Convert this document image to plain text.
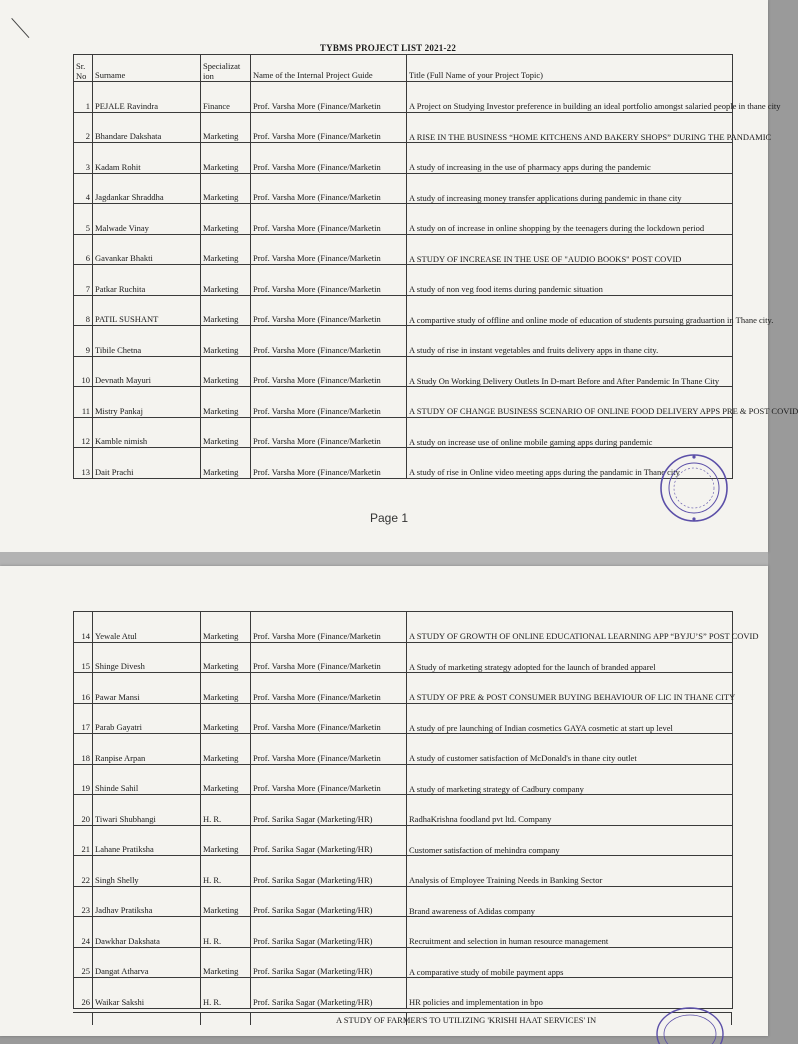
TYBMS PROJECT LIST 2021-22
Sr. No	Surname	Specializat ion	Name of the Internal Project Guide	Title (Full Name of your Project Topic)
1	PEJALE Ravindra	Finance	Prof. Varsha More (Finance/Marketin	A Project on Studying Investor preference in building an ideal portfolio amongst salaried people in thane city
2	Bhandare Dakshata	Marketing	Prof. Varsha More (Finance/Marketin	A RISE IN THE BUSINESS “HOME KITCHENS AND BAKERY SHOPS” DURING THE PANDAMIC
3	Kadam Rohit	Marketing	Prof. Varsha More (Finance/Marketin	A study of increasing in the use of pharmacy apps during the pandemic
4	Jagdankar Shraddha	Marketing	Prof. Varsha More (Finance/Marketin	A study of increasing money transfer applications during pandemic in thane city
5	Malwade Vinay	Marketing	Prof. Varsha More (Finance/Marketin	A study on of increase in online shopping by the teenagers during the lockdown period
6	Gavankar Bhakti	Marketing	Prof. Varsha More (Finance/Marketin	A STUDY OF INCREASE IN THE USE OF "AUDIO BOOKS" POST COVID
7	Patkar Ruchita	Marketing	Prof. Varsha More (Finance/Marketin	A study of non veg food items during pandemic situation
8	PATIL SUSHANT	Marketing	Prof. Varsha More (Finance/Marketin	A compartive study of offline and online mode of education of students pursuing graduartion in Thane city.
9	Tibile Chetna	Marketing	Prof. Varsha More (Finance/Marketin	A study of rise in instant vegetables and fruits delivery apps in thane city.
10	Devnath Mayuri	Marketing	Prof. Varsha More (Finance/Marketin	A Study On Working Delivery Outlets In D-mart Before and After Pandemic In Thane City
11	Mistry Pankaj	Marketing	Prof. Varsha More (Finance/Marketin	A STUDY OF CHANGE BUSINESS SCENARIO OF ONLINE FOOD DELIVERY APPS PRE & POST COVID
12	Kamble nimish	Marketing	Prof. Varsha More (Finance/Marketin	A study on increase use of online mobile gaming apps during pandemic
13	Dait Prachi	Marketing	Prof. Varsha More (Finance/Marketin	A study of rise in Online video meeting apps during the pandamic in Thane city
Page 1
14	Yewale Atul	Marketing	Prof. Varsha More (Finance/Marketin	A STUDY OF GROWTH OF ONLINE EDUCATIONAL LEARNING APP “BYJU’S” POST COVID
15	Shinge Divesh	Marketing	Prof. Varsha More (Finance/Marketin	A Study of marketing strategy adopted for the launch of branded apparel
16	Pawar Mansi	Marketing	Prof. Varsha More (Finance/Marketin	A STUDY OF PRE & POST CONSUMER BUYING BEHAVIOUR OF LIC IN THANE CITY
17	Parab Gayatri	Marketing	Prof. Varsha More (Finance/Marketin	A study of pre launching of Indian cosmetics GAYA cosmetic at start up level
18	Ranpise Arpan	Marketing	Prof. Varsha More (Finance/Marketin	A study of customer satisfaction of McDonald's in thane city outlet
19	Shinde Sahil	Marketing	Prof. Varsha More (Finance/Marketin	A study of marketing strategy of Cadbury company
20	Tiwari Shubhangi	H. R.	Prof. Sarika Sagar (Marketing/HR)	RadhaKrishna foodland pvt ltd. Company
21	Lahane Pratiksha	Marketing	Prof. Sarika Sagar (Marketing/HR)	Customer satisfaction of mehindra company
22	Singh Shelly	H. R.	Prof. Sarika Sagar (Marketing/HR)	Analysis of Employee Training Needs in Banking Sector
23	Jadhav Pratiksha	Marketing	Prof. Sarika Sagar (Marketing/HR)	Brand awareness of Adidas company
24	Dawkhar Dakshata	H. R.	Prof. Sarika Sagar (Marketing/HR)	Recruitment and selection in human resource management
25	Dangat Atharva	Marketing	Prof. Sarika Sagar (Marketing/HR)	A comparative study of mobile payment apps
26	Waikar Sakshi	H. R.	Prof. Sarika Sagar (Marketing/HR)	HR policies and implementation in bpo
A STUDY OF FARMER'S TO UTILIZING 'KRISHI HAAT SERVICES' IN
